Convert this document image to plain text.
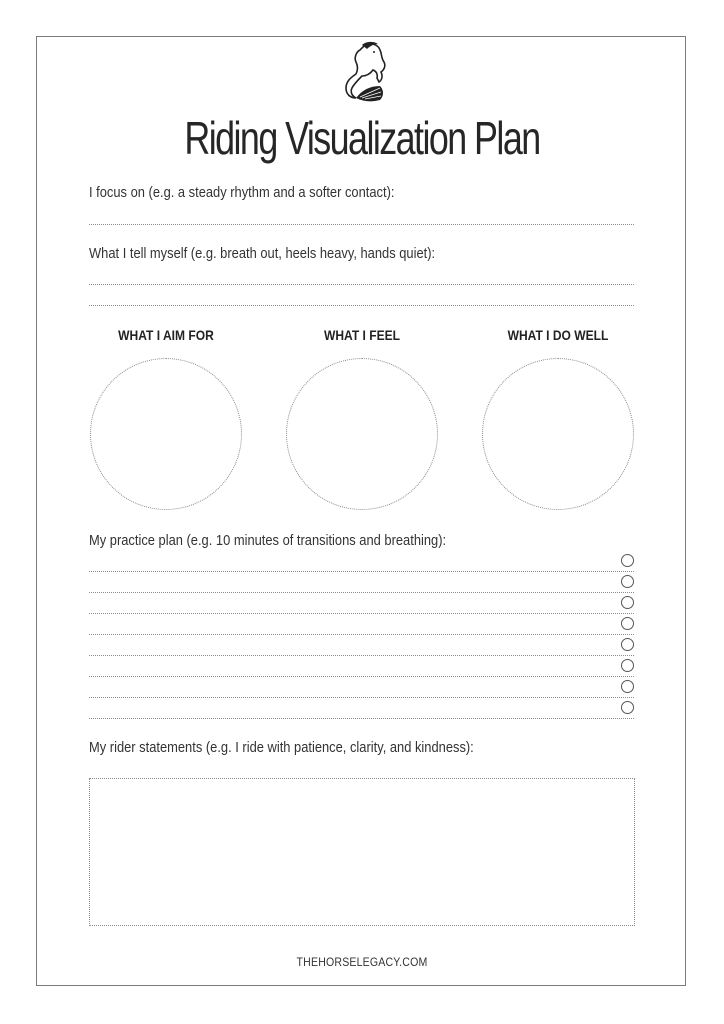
Riding Visualization Plan
I focus on (e.g. a steady rhythm and a softer contact):
What I tell myself (e.g. breath out, heels heavy, hands quiet):
WHAT I AIM FOR	WHAT I FEEL	WHAT I DO WELL
My practice plan (e.g. 10 minutes of transitions and breathing):
My rider statements (e.g. I ride with patience, clarity, and kindness):
THEHORSELEGACY.COM
